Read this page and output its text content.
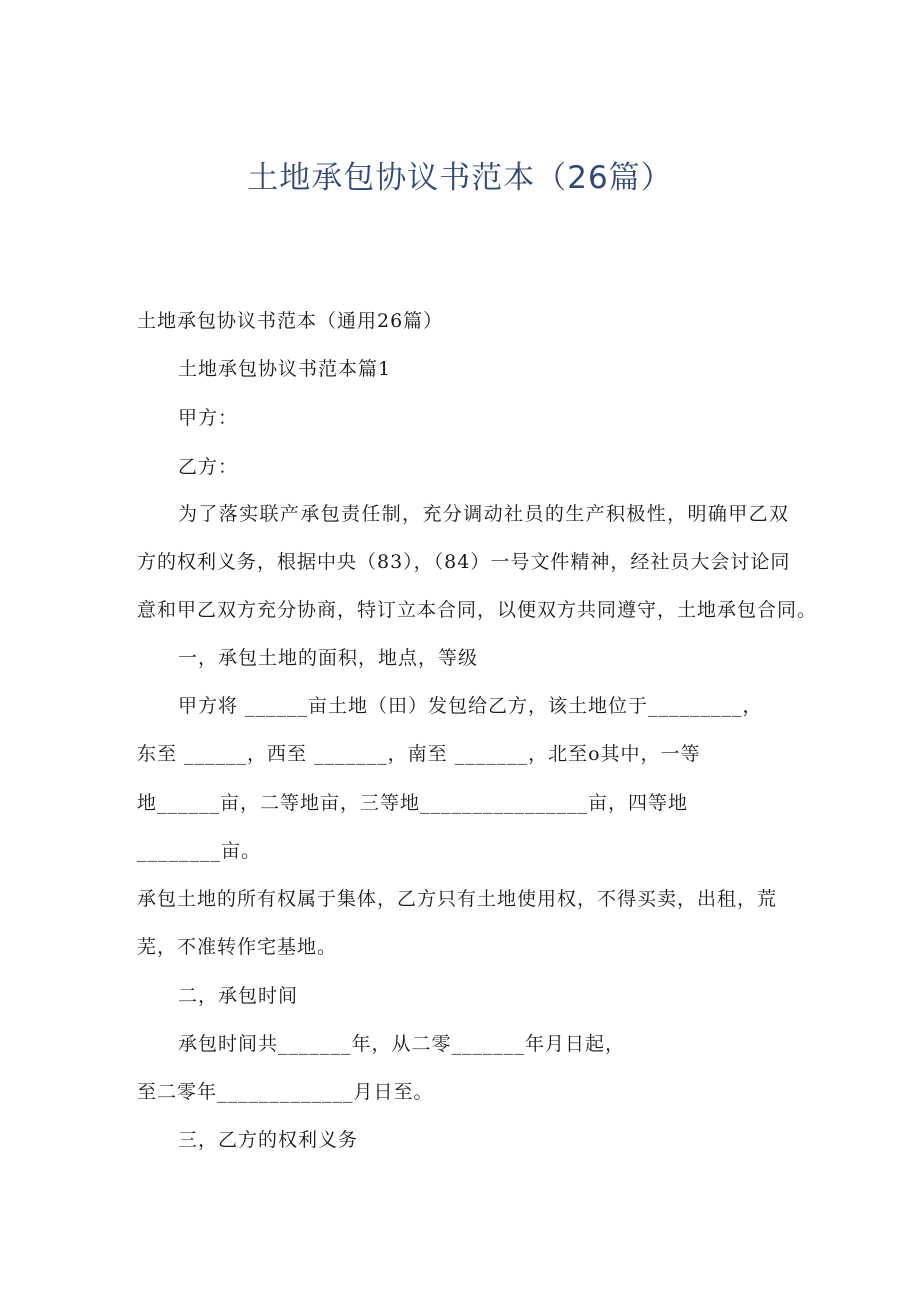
土地承包协议书范本（26篇）
土地承包协议书范本（通用26篇）
土地承包协议书范本篇1
甲方：
乙方：
为了落实联产承包责任制，充分调动社员的生产积极性，明确甲乙双
方的权利义务，根据中央（83），（84）一号文件精神，经社员大会讨论同
意和甲乙双方充分协商，特订立本合同，以便双方共同遵守，土地承包合同。
一，承包土地的面积，地点，等级
甲方将 ______亩土地（田）发包给乙方，该土地位于_________，
东至 ______，西至 _______，南至 _______，北至o其中，一等
地______亩，二等地亩，三等地________________亩，四等地
________亩。
承包土地的所有权属于集体，乙方只有土地使用权，不得买卖，出租，荒
芜，不准转作宅基地。
二，承包时间
承包时间共_______年，从二零_______年月日起，
至二零年_____________月日至。
三，乙方的权利义务
